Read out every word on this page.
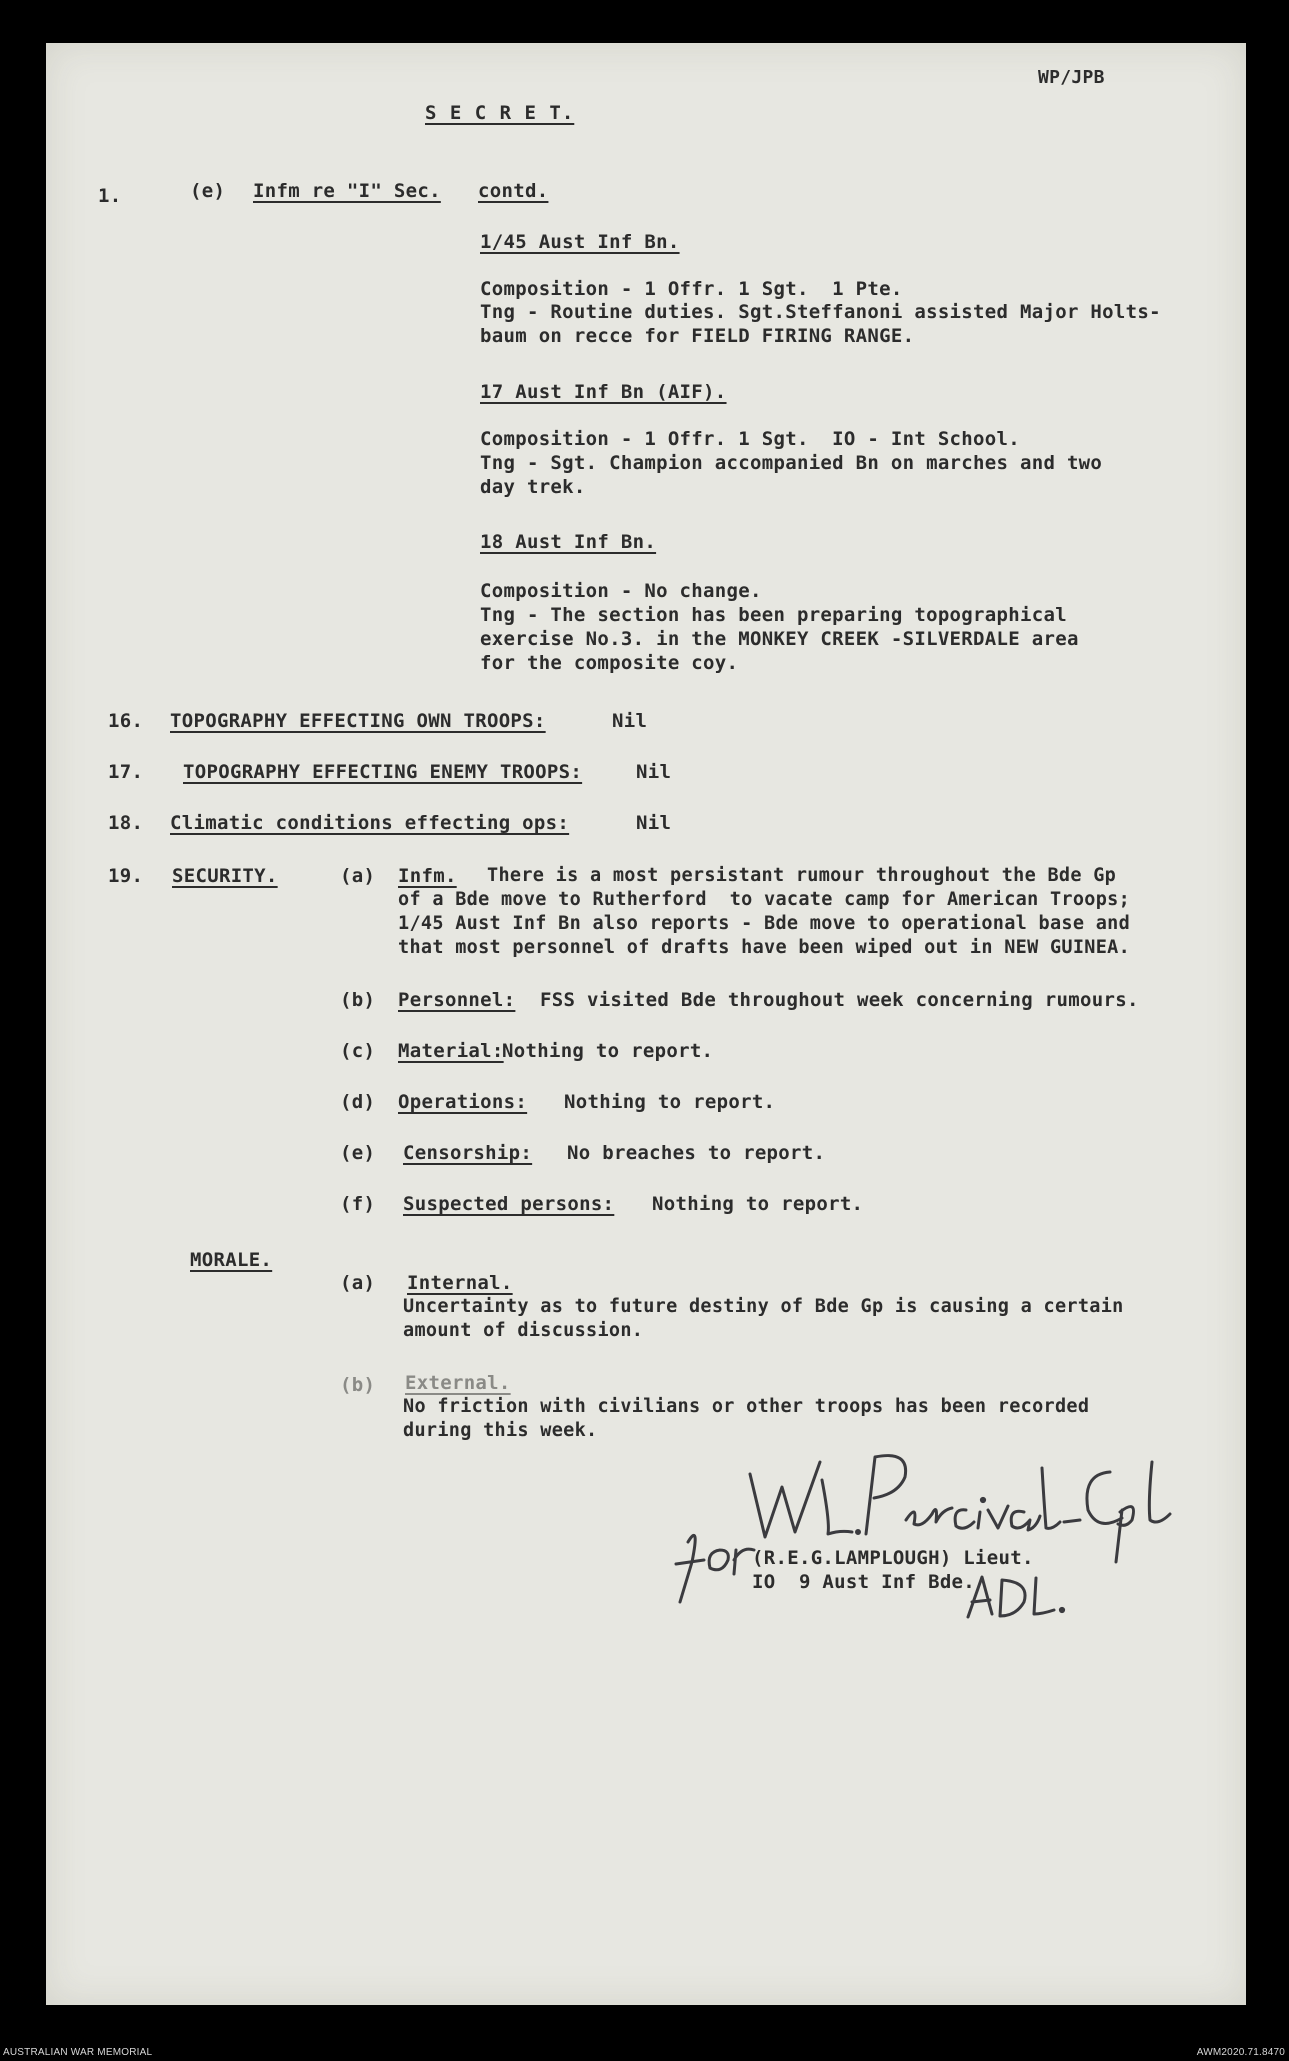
WP/JPB
S E C R E T.
1.	(e) Infm re "I" Sec. contd.
1/45 Aust Inf Bn.
Composition - 1 Offr. 1 Sgt.  1 Pte.
Tng - Routine duties. Sgt.Steffanoni assisted Major Holts-
baum on recce for FIELD FIRING RANGE.
17 Aust Inf Bn (AIF).
Composition - 1 Offr. 1 Sgt.  IO - Int School.
Tng - Sgt. Champion accompanied Bn on marches and two
day trek.
18 Aust Inf Bn.
Composition - No change.
Tng - The section has been preparing topographical
exercise No.3. in the MONKEY CREEK -SILVERDALE area
for the composite coy.
16. TOPOGRAPHY EFFECTING OWN TROOPS:	Nil
17. TOPOGRAPHY EFFECTING ENEMY TROOPS:	Nil
18. Climatic conditions effecting ops:	Nil
19. SECURITY.	(a) Infm. There is a most persistant rumour throughout the Bde Gp
of a Bde move to Rutherford  to vacate camp for American Troops;
1/45 Aust Inf Bn also reports - Bde move to operational base and
that most personnel of drafts have been wiped out in NEW GUINEA.
(b) Personnel: FSS visited Bde throughout week concerning rumours.
(c) Material:
Nothing to report.
(d) Operations: Nothing to report.
(e) Censorship: No breaches to report.
(f) Suspected persons: Nothing to report.
MORALE.
(a) Internal.
Uncertainty as to future destiny of Bde Gp is causing a certain
amount of discussion.
(b) External.
No friction with civilians or other troops has been recorded
during this week.
(R.E.G.LAMPLOUGH) Lieut.
IO  9 Aust Inf Bde.
AUSTRALIAN WAR MEMORIAL	AWM2020.71.8470
